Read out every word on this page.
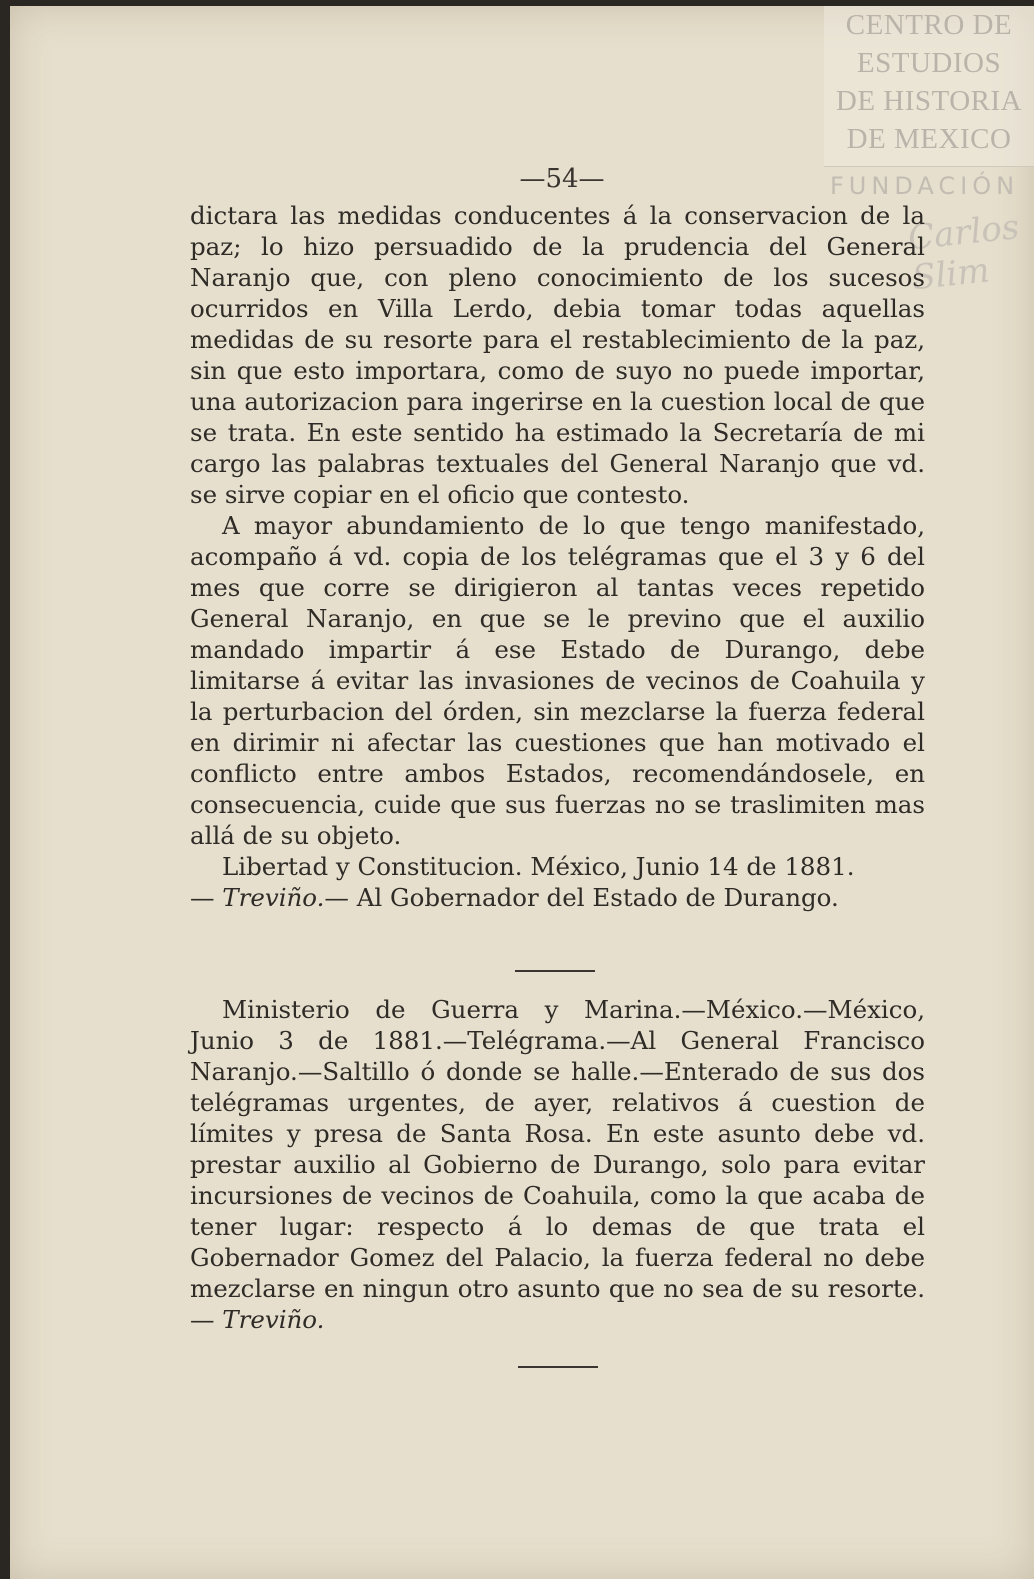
CENTRO DE
ESTUDIOS
DE HISTORIA
DE MEXICO
FUNDACIÓN
Carlos Slim
—54—

dictara las medidas conducentes á la conservacion de la paz; lo hizo persuadido de la prudencia del General Naranjo que, con pleno conocimiento de los sucesos ocurridos en Villa Lerdo, debia tomar todas aquellas medidas de su resorte para el restablecimiento de la paz, sin que esto importara, como de suyo no puede importar, una autorizacion para ingerirse en la cuestion local de que se trata. En este sentido ha estimado la Secretaría de mi cargo las palabras textuales del General Naranjo que vd. se sirve copiar en el oficio que contesto.

A mayor abundamiento de lo que tengo manifestado, acompaño á vd. copia de los telégramas que el 3 y 6 del mes que corre se dirigieron al tantas veces repetido General Naranjo, en que se le previno que el auxilio mandado impartir á ese Estado de Durango, debe limitarse á evitar las invasiones de vecinos de Coahuila y la perturbacion del órden, sin mezclarse la fuerza federal en dirimir ni afectar las cuestiones que han motivado el conflicto entre ambos Estados, recomendándosele, en consecuencia, cuide que sus fuerzas no se traslimiten mas allá de su objeto.

Libertad y Constitucion. México, Junio 14 de 1881.

— Treviño.— Al Gobernador del Estado de Durango.

Ministerio de Guerra y Marina.—México.—México, Junio 3 de 1881.—Telégrama.—Al General Francisco Naranjo.—Saltillo ó donde se halle.—Enterado de sus dos telégramas urgentes, de ayer, relativos á cuestion de límites y presa de Santa Rosa. En este asunto debe vd. prestar auxilio al Gobierno de Durango, solo para evitar incursiones de vecinos de Coahuila, como la que acaba de tener lugar: respecto á lo demas de que trata el Gobernador Gomez del Palacio, la fuerza federal no debe mezclarse en ningun otro asunto que no sea de su resorte. — Treviño.
